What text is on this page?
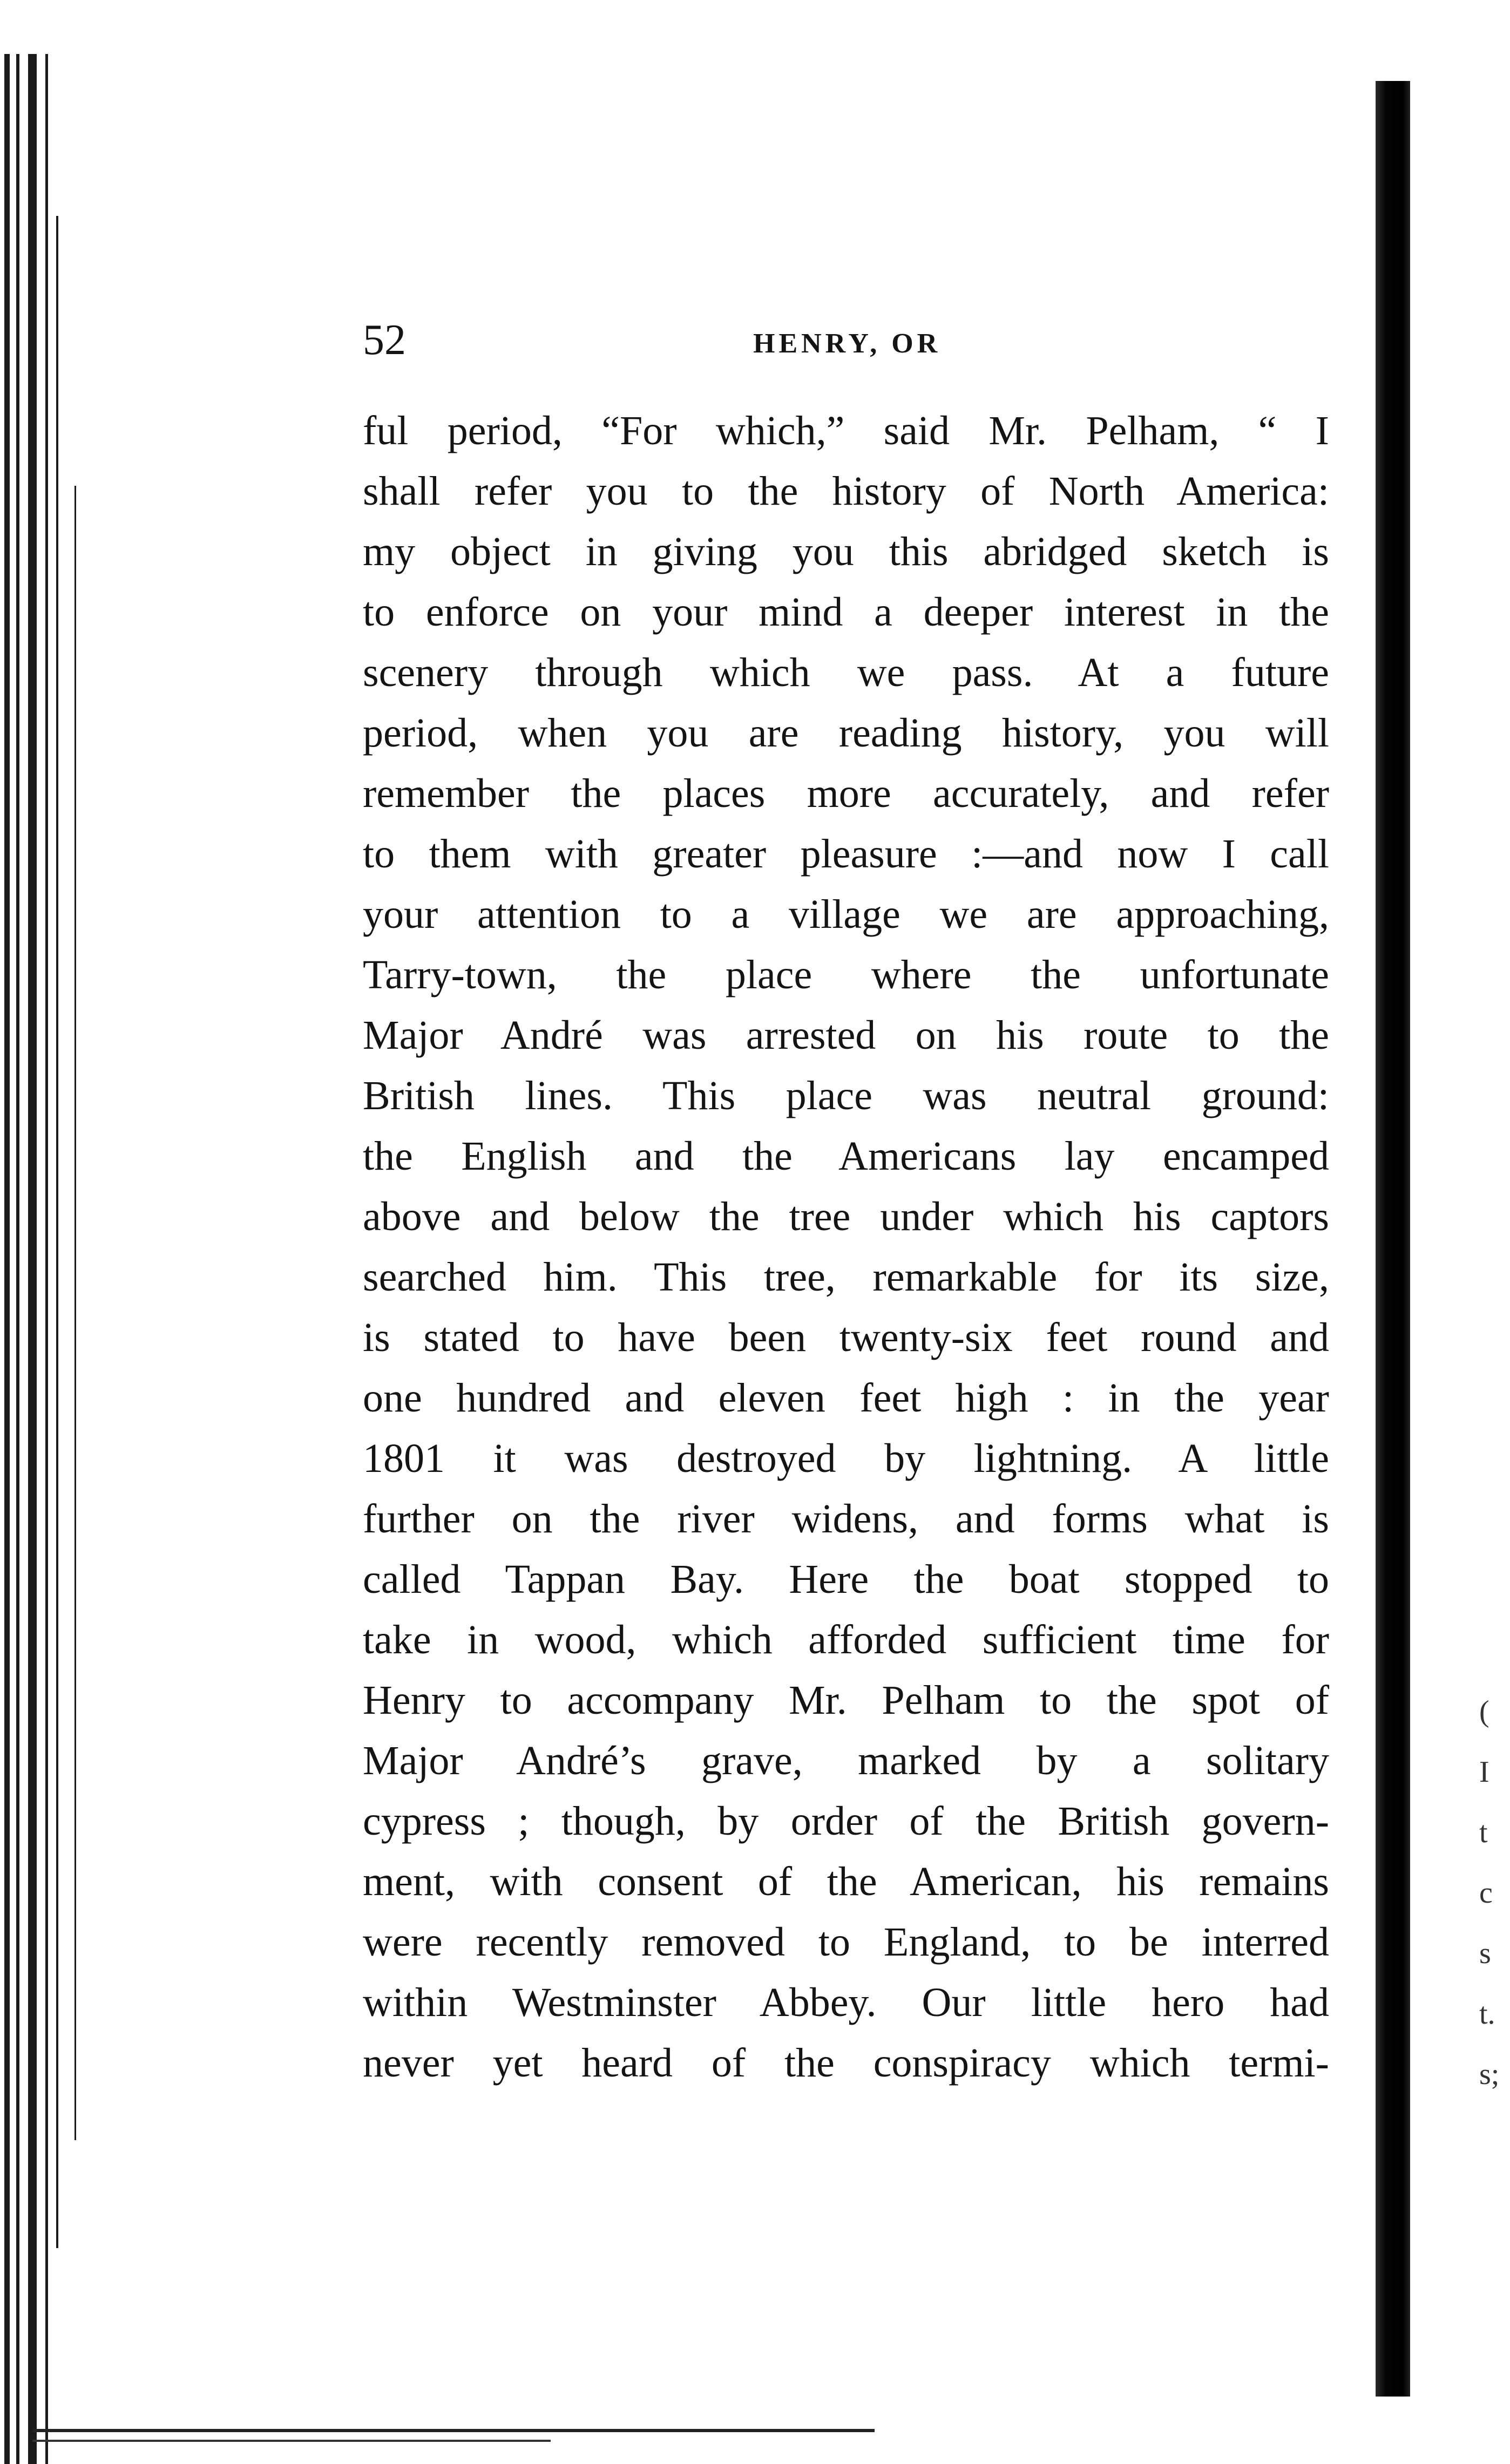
52	HENRY, OR
ful period, “For which,” said Mr. Pelham, “ I
shall refer you to the history of North America:
my object in giving you this abridged sketch is
to enforce on your mind a deeper interest in the
scenery through which we pass. At a future
period, when you are reading history, you will
remember the places more accurately, and refer
to them with greater pleasure :—and now I call
your attention to a village we are approaching,
Tarry-town, the place where the unfortunate
Major André was arrested on his route to the
British lines. This place was neutral ground:
the English and the Americans lay encamped
above and below the tree under which his captors
searched him. This tree, remarkable for its size,
is stated to have been twenty-six feet round and
one hundred and eleven feet high : in the year
1801 it was destroyed by lightning. A little
further on the river widens, and forms what is
called Tappan Bay. Here the boat stopped to
take in wood, which afforded sufficient time for
Henry to accompany Mr. Pelham to the spot of
Major André’s grave, marked by a solitary
cypress ; though, by order of the British govern-
ment, with consent of the American, his remains
were recently removed to England, to be interred
within Westminster Abbey. Our little hero had
never yet heard of the conspiracy which termi-
(
I
t
c
s
t.
s;
